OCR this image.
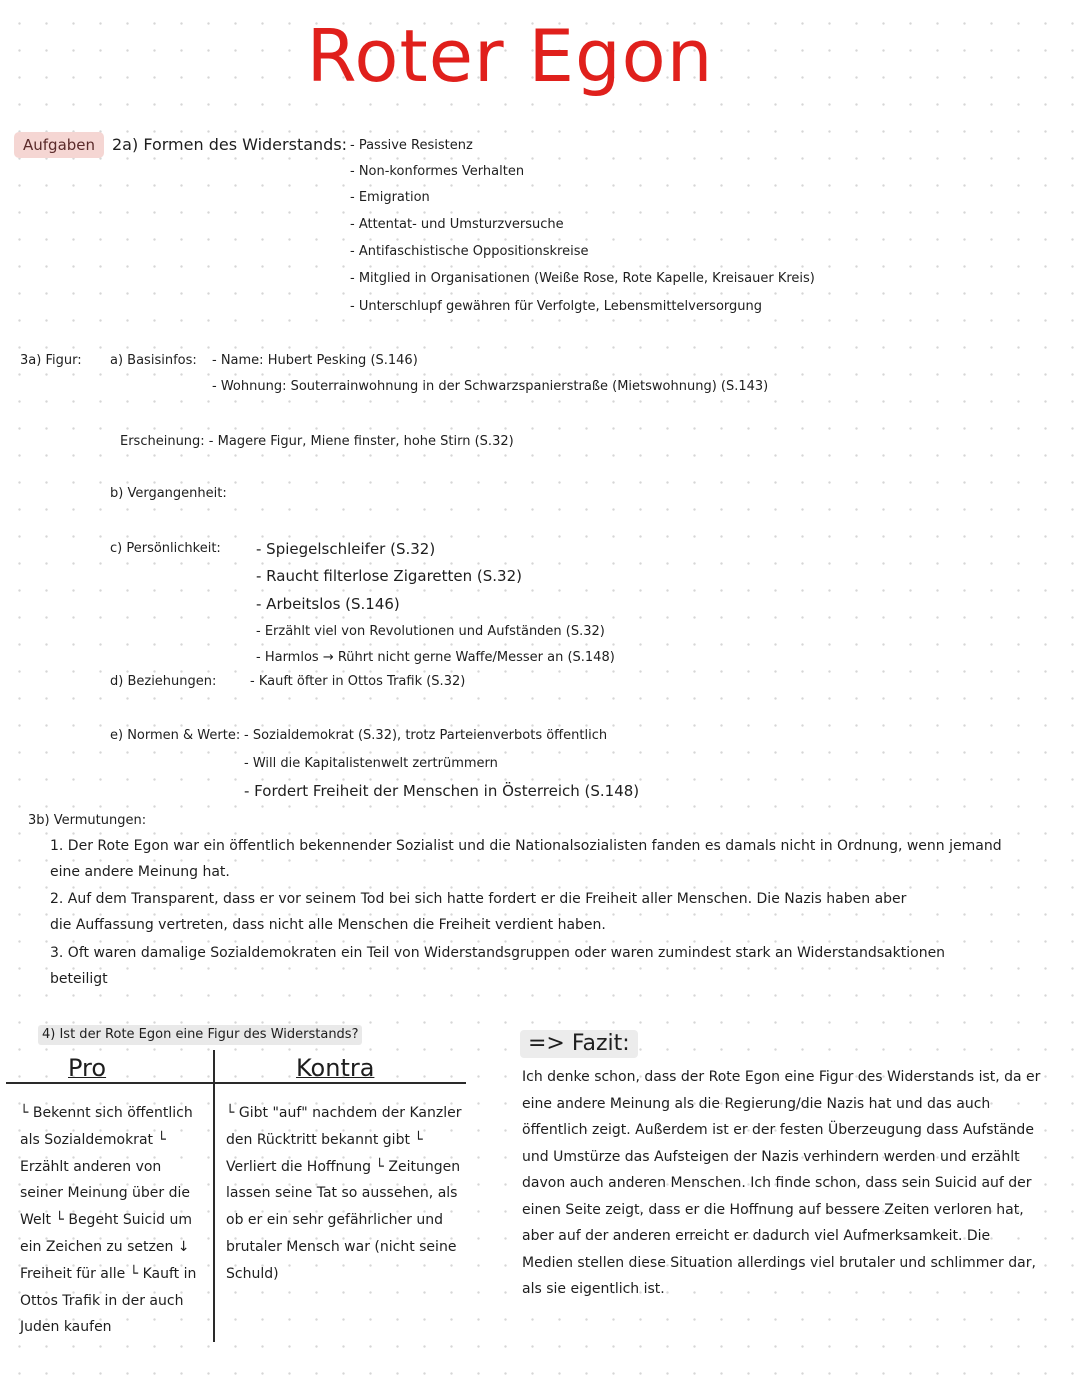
Roter Egon
Aufgaben	2a) Formen des Widerstands: - Passive Resistenz
- Non-konformes Verhalten
- Emigration
- Attentat- und Umsturzversuche
- Antifaschistische Oppositionskreise
- Mitglied in Organisationen (Weiße Rose, Rote Kapelle, Kreisauer Kreis)
- Unterschlupf gewähren für Verfolgte, Lebensmittelversorgung
3a) Figur: a) Basisinfos: - Name: Hubert Pesking (S.146)
- Wohnung: Souterrainwohnung in der Schwarzspanierstraße (Mietswohnung) (S.143)
Erscheinung: - Magere Figur, Miene finster, hohe Stirn (S.32)
b) Vergangenheit:
c) Persönlichkeit: - Spiegelschleifer (S.32)
- Raucht filterlose Zigaretten (S.32)
- Arbeitslos (S.146)
- Erzählt viel von Revolutionen und Aufständen (S.32)
- Harmlos → Rührt nicht gerne Waffe/Messer an (S.148)
d) Beziehungen:	- Kauft öfter in Ottos Trafik (S.32)
e) Normen & Werte: - Sozialdemokrat (S.32), trotz Parteienverbots öffentlich
- Will die Kapitalistenwelt zertrümmern
- Fordert Freiheit der Menschen in Österreich (S.148)
3b) Vermutungen:
1. Der Rote Egon war ein öffentlich bekennender Sozialist und die Nationalsozialisten fanden es damals nicht in Ordnung, wenn jemand eine andere Meinung hat.
2. Auf dem Transparent, dass er vor seinem Tod bei sich hatte fordert er die Freiheit aller Menschen. Die Nazis haben aber die Auffassung vertreten, dass nicht alle Menschen die Freiheit verdient haben.
3. Oft waren damalige Sozialdemokraten ein Teil von Widerstandsgruppen oder waren zumindest stark an Widerstandsaktionen beteiligt
4) Ist der Rote Egon eine Figur des Widerstands?
Pro	Kontra
└ Bekennt sich öffentlich als Sozialdemokrat └ Erzählt anderen von seiner Meinung über die Welt └ Begeht Suicid um ein Zeichen zu setzen ↓ Freiheit für alle └ Kauft in Ottos Trafik in der auch Juden kaufen
└ Gibt "auf" nachdem der Kanzler den Rücktritt bekannt gibt └ Verliert die Hoffnung └ Zeitungen lassen seine Tat so aussehen, als ob er ein sehr gefährlicher und brutaler Mensch war (nicht seine Schuld)
=> Fazit:
Ich denke schon, dass der Rote Egon eine Figur des Widerstands ist, da er eine andere Meinung als die Regierung/die Nazis hat und das auch öffentlich zeigt. Außerdem ist er der festen Überzeugung dass Aufstände und Umstürze das Aufsteigen der Nazis verhindern werden und erzählt davon auch anderen Menschen. Ich finde schon, dass sein Suicid auf der einen Seite zeigt, dass er die Hoffnung auf bessere Zeiten verloren hat, aber auf der anderen erreicht er dadurch viel Aufmerksamkeit. Die Medien stellen diese Situation allerdings viel brutaler und schlimmer dar, als sie eigentlich ist.
